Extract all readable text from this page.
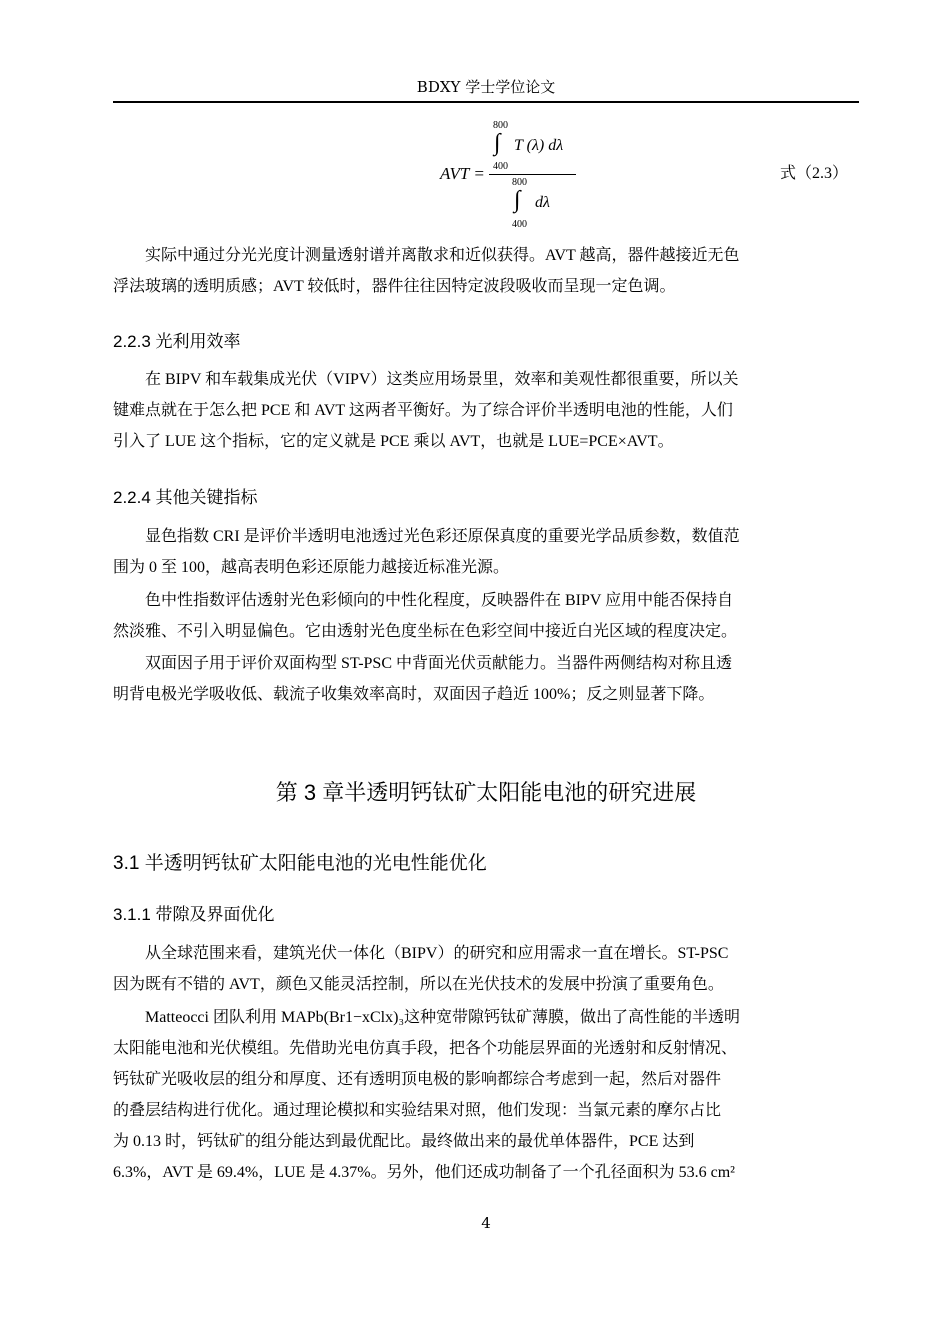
BDXY 学士学位论文
AVT =
800
∫
400
T (λ) dλ
800
∫
400
dλ
式（2.3）
　　实际中通过分光光度计测量透射谱并离散求和近似获得。AVT 越高，器件越接近无色
浮法玻璃的透明质感；AVT 较低时，器件往往因特定波段吸收而呈现一定色调。
2.2.3 光利用效率
　　在 BIPV 和车载集成光伏（VIPV）这类应用场景里，效率和美观性都很重要，所以关
键难点就在于怎么把 PCE 和 AVT 这两者平衡好。为了综合评价半透明电池的性能，人们
引入了 LUE 这个指标，它的定义就是 PCE 乘以 AVT，也就是 LUE=PCE×AVT。
2.2.4 其他关键指标
　　显色指数 CRI 是评价半透明电池透过光色彩还原保真度的重要光学品质参数，数值范
围为 0 至 100，越高表明色彩还原能力越接近标准光源。
　　色中性指数评估透射光色彩倾向的中性化程度，反映器件在 BIPV 应用中能否保持自
然淡雅、不引入明显偏色。它由透射光色度坐标在色彩空间中接近白光区域的程度决定。
　　双面因子用于评价双面构型 ST-PSC 中背面光伏贡献能力。当器件两侧结构对称且透
明背电极光学吸收低、载流子收集效率高时，双面因子趋近 100%；反之则显著下降。
第 3 章半透明钙钛矿太阳能电池的研究进展
3.1 半透明钙钛矿太阳能电池的光电性能优化
3.1.1 带隙及界面优化
　　从全球范围来看，建筑光伏一体化（BIPV）的研究和应用需求一直在增长。ST-PSC
因为既有不错的 AVT，颜色又能灵活控制，所以在光伏技术的发展中扮演了重要角色。
　　Matteocci 团队利用 MAPb(Br1−xClx)₃这种宽带隙钙钛矿薄膜，做出了高性能的半透明
太阳能电池和光伏模组。先借助光电仿真手段，把各个功能层界面的光透射和反射情况、
钙钛矿光吸收层的组分和厚度、还有透明顶电极的影响都综合考虑到一起，然后对器件
的叠层结构进行优化。通过理论模拟和实验结果对照，他们发现：当氯元素的摩尔占比
为 0.13 时，钙钛矿的组分能达到最优配比。最终做出来的最优单体器件，PCE 达到
6.3%，AVT 是 69.4%，LUE 是 4.37%。另外，他们还成功制备了一个孔径面积为 53.6 cm²
4
